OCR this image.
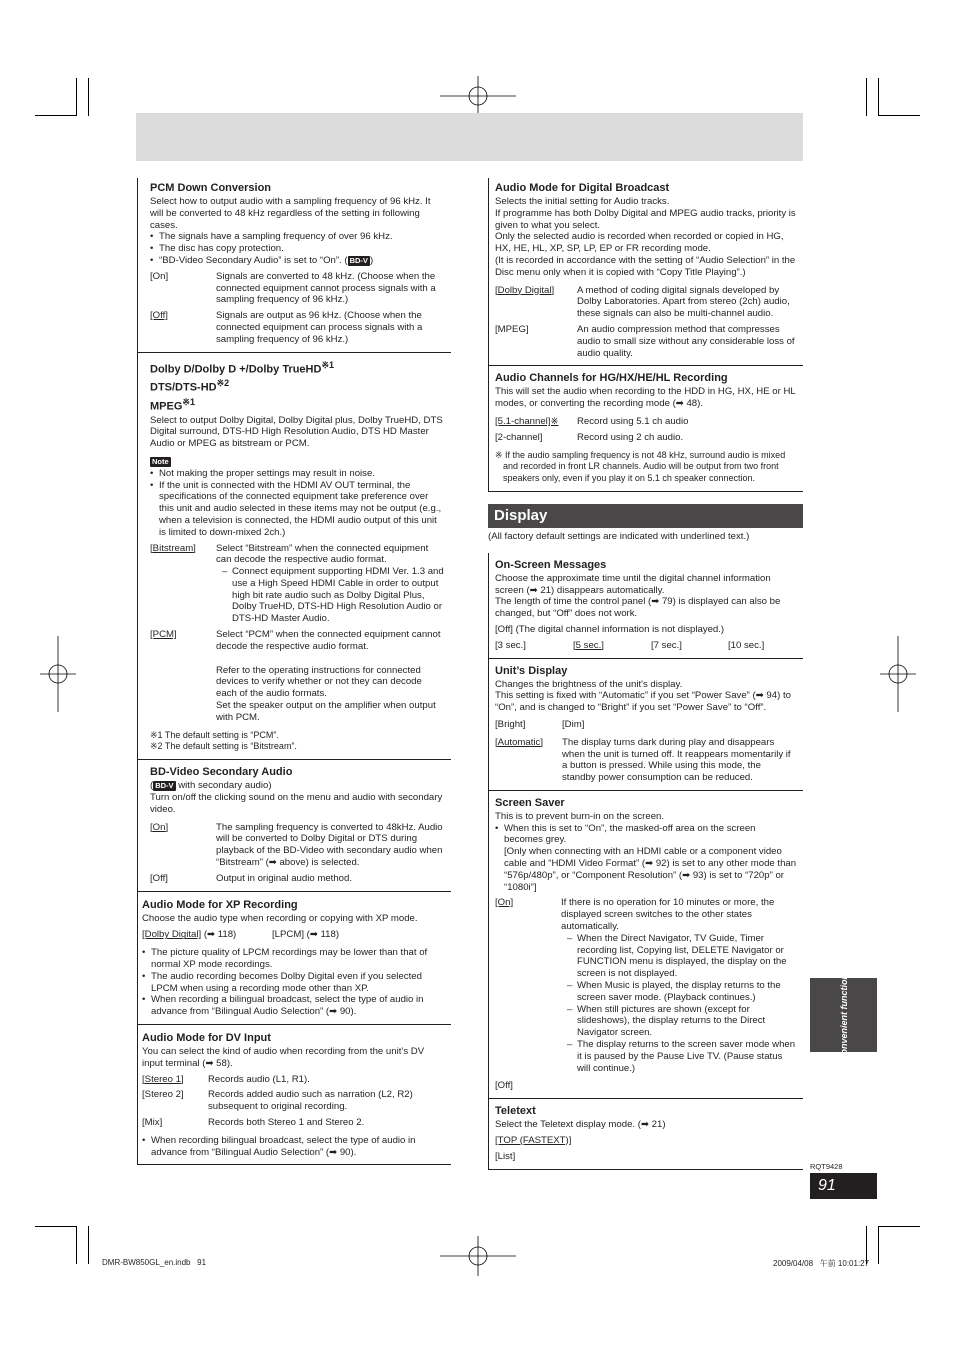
PCM Down Conversion
Select how to output audio with a sampling frequency of 96 kHz. It will be converted to 48 kHz regardless of the setting in following cases.
• The signals have a sampling frequency of over 96 kHz.
• The disc has copy protection.
• “BD-Video Secondary Audio” is set to “On”. ( BD-V )
[On]	Signals are converted to 48 kHz. (Choose when the connected equipment cannot process signals with a sampling frequency of 96 kHz.)
[Off]	Signals are output as 96 kHz. (Choose when the connected equipment can process signals with a sampling frequency of 96 kHz.)
Dolby D/Dolby D +/Dolby TrueHD$^{※1}$
DTS/DTS-HD$^{※2}$
MPEG$^{※1}$
Select to output Dolby Digital, Dolby Digital plus, Dolby TrueHD, DTS Digital surround, DTS-HD High Resolution Audio, DTS HD Master Audio or MPEG as bitstream or PCM.
Note
• Not making the proper settings may result in noise.
• If the unit is connected with the HDMI AV OUT terminal, the specifications of the connected equipment take preference over this unit and audio selected in these items may not be output (e.g., when a television is connected, the HDMI audio output of this unit is limited to down-mixed 2ch.)
[Bitstream]	Select “Bitstream” when the connected equipment can decode the respective audio format.
– Connect equipment supporting HDMI Ver. 1.3 and use a High Speed HDMI Cable in order to output high bit rate audio such as Dolby Digital Plus, Dolby TrueHD, DTS-HD High Resolution Audio or DTS-HD Master Audio.
[PCM]	Select “PCM” when the connected equipment cannot decode the respective audio format.
Refer to the operating instructions for connected devices to verify whether or not they can decode each of the audio formats.
Set the speaker output on the amplifier when output with PCM.
※1 The default setting is “PCM”.
※2 The default setting is “Bitstream”.
BD-Video Secondary Audio
( BD-V with secondary audio)
Turn on/off the clicking sound on the menu and audio with secondary video.
[On]	The sampling frequency is converted to 48kHz. Audio will be converted to Dolby Digital or DTS during playback of the BD-Video with secondary audio when “Bitstream” (➡ above) is selected.
[Off]	Output in original audio method.
Audio Mode for XP Recording
Choose the audio type when recording or copying with XP mode.
[Dolby Digital] (➡ 118)	[LPCM] (➡ 118)
• The picture quality of LPCM recordings may be lower than that of normal XP mode recordings.
• The audio recording becomes Dolby Digital even if you selected LPCM when using a recording mode other than XP.
• When recording a bilingual broadcast, select the type of audio in advance from “Bilingual Audio Selection” (➡ 90).
Audio Mode for DV Input
You can select the kind of audio when recording from the unit’s DV input terminal (➡ 58).
[Stereo 1]	Records audio (L1, R1).
[Stereo 2]	Records added audio such as narration (L2, R2) subsequent to original recording.
[Mix]	Records both Stereo 1 and Stereo 2.
• When recording bilingual broadcast, select the type of audio in advance from “Bilingual Audio Selection” (➡ 90).
Audio Mode for Digital Broadcast
Selects the initial setting for Audio tracks.
If programme has both Dolby Digital and MPEG audio tracks, priority is given to what you select.
Only the selected audio is recorded when recorded or copied in HG, HX, HE, HL, XP, SP, LP, EP or FR recording mode.
(It is recorded in accordance with the setting of “Audio Selection” in the Disc menu only when it is copied with “Copy Title Playing”.)
[Dolby Digital]	A method of coding digital signals developed by Dolby Laboratories. Apart from stereo (2ch) audio, these signals can also be multi-channel audio.
[MPEG]	An audio compression method that compresses audio to small size without any considerable loss of audio quality.
Audio Channels for HG/HX/HE/HL Recording
This will set the audio when recording to the HDD in HG, HX, HE or HL modes, or converting the recording mode (➡ 48).
[5.1-channel]※	Record using 5.1 ch audio
[2-channel]	Record using 2 ch audio.
※ If the audio sampling frequency is not 48 kHz, surround audio is mixed and recorded in front LR channels. Audio will be output from two front speakers only, even if you play it on 5.1 ch speaker connection.
Display
(All factory default settings are indicated with underlined text.)
On-Screen Messages
Choose the approximate time until the digital channel information screen (➡ 21) disappears automatically.
The length of time the control panel (➡ 79) is displayed can also be changed, but “Off” does not work.
[Off] (The digital channel information is not displayed.)
[3 sec.]	[5 sec.]	[7 sec.]	[10 sec.]
Unit’s Display
Changes the brightness of the unit's display.
This setting is fixed with “Automatic” if you set “Power Save” (➡ 94) to “On”, and is changed to “Bright” if you set “Power Save” to “Off”.
[Bright]	[Dim]
[Automatic]	The display turns dark during play and disappears when the unit is turned off. It reappears momentarily if a button is pressed. While using this mode, the standby power consumption can be reduced.
Screen Saver
This is to prevent burn-in on the screen.
• When this is set to “On”, the masked-off area on the screen becomes grey.
[Only when connecting with an HDMI cable or a component video cable and “HDMI Video Format” (➡ 92) is set to any other mode than “576p/480p”, or “Component Resolution” (➡ 93) is set to “720p” or “1080i”]
[On]	If there is no operation for 10 minutes or more, the displayed screen switches to the other states automatically.
– When the Direct Navigator, TV Guide, Timer recording list, Copying list, DELETE Navigator or FUNCTION menu is displayed, the display on the screen is not displayed.
– When Music is played, the display returns to the screen saver mode. (Playback continues.)
– When still pictures are shown (except for slideshows), the display returns to the Direct Navigator screen.
– The display returns to the screen saver mode when it is paused by the Pause Live TV. (Pause status will continue.)
[Off]
Teletext
Select the Teletext display mode. (➡ 21)
[TOP (FASTEXT)]
[List]
Convenient functions
RQT9428
91
DMR-BW850GL_en.indb   91	2009/04/08   午前 10:01:27
